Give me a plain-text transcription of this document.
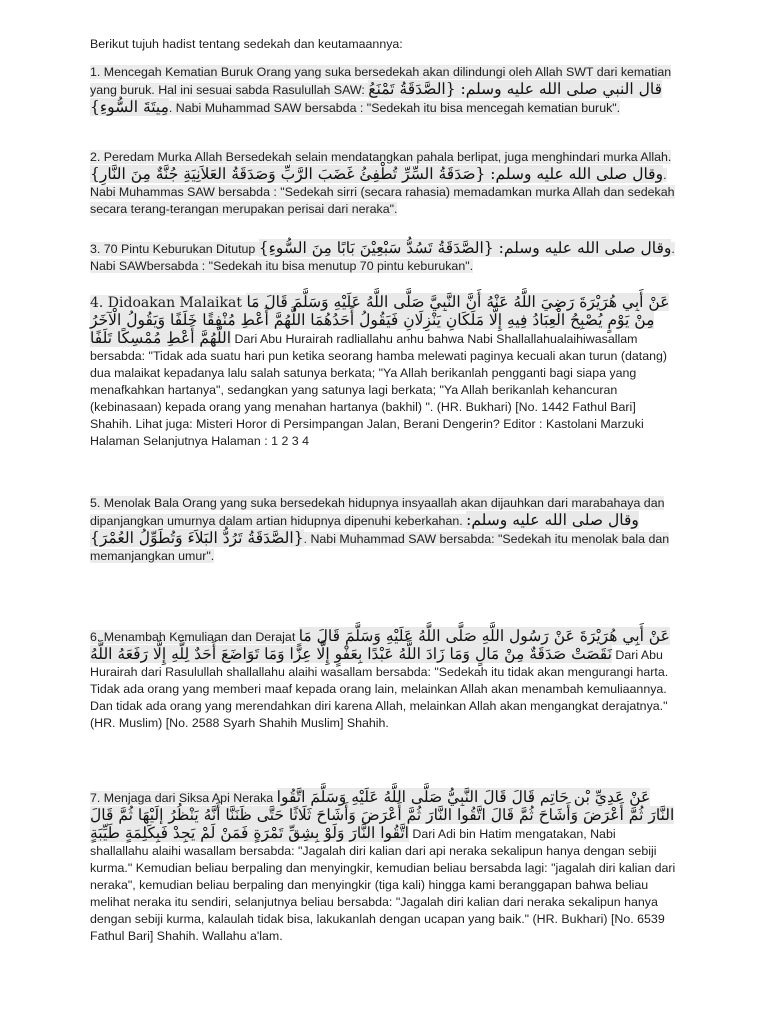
Berikut tujuh hadist tentang sedekah dan keutamaannya:

1. Mencegah Kematian Buruk Orang yang suka bersedekah akan dilindungi oleh Allah SWT dari kematian yang buruk. Hal ini sesuai sabda Rasulullah SAW: قال النبي صلى الله عليه وسلم: {الصَّدَقَةُ تَمْنَعُ مِيتَةَ السُّوءِ}. Nabi Muhammad SAW bersabda : "Sedekah itu bisa mencegah kematian buruk".

2. Peredam Murka Allah Bersedekah selain mendatangkan pahala berlipat, juga menghindari murka Allah. وقال صلى الله عليه وسلم: {صَدَقَةُ السِّرِّ تُطْفِئُ غَضَبَ الرَّبِّ وَصَدَقَةُ العَلاَنِيَةِ جُنَّةٌ مِنَ النَّارِ}. Nabi Muhammas SAW bersabda : "Sedekah sirri (secara rahasia) memadamkan murka Allah dan sedekah secara terang-terangan merupakan perisai dari neraka".

3. 70 Pintu Keburukan Ditutup وقال صلى الله عليه وسلم: {الصَّدَقَةُ تَسُدُّ سَبْعِيْنَ بَابًا مِنَ السُّوءِ}. Nabi SAWbersabda : "Sedekah itu bisa menutup 70 pintu keburukan".

4. Didoakan Malaikat عَنْ أَبِي هُرَيْرَةَ رَضِيَ اللَّهُ عَنْهُ أَنَّ النَّبِيَّ صَلَّى اللَّهُ عَلَيْهِ وَسَلَّمَ قَالَ مَا مِنْ يَوْمٍ يُصْبِحُ الْعِبَادُ فِيهِ إِلَّا مَلَكَانِ يَنْزِلَانِ فَيَقُولُ أَحَدُهُمَا اللَّهُمَّ أَعْطِ مُنْفِقًا خَلَفًا وَيَقُولُ الْآخَرُ اللَّهُمَّ أَعْطِ مُمْسِكًا تَلَفًا Dari Abu Hurairah radliallahu anhu bahwa Nabi Shallallahualaihiwasallam bersabda: "Tidak ada suatu hari pun ketika seorang hamba melewati paginya kecuali akan turun (datang) dua malaikat kepadanya lalu salah satunya berkata; "Ya Allah berikanlah pengganti bagi siapa yang menafkahkan hartanya", sedangkan yang satunya lagi berkata; "Ya Allah berikanlah kehancuran (kebinasaan) kepada orang yang menahan hartanya (bakhil) ". (HR. Bukhari) [No. 1442 Fathul Bari] Shahih. Lihat juga: Misteri Horor di Persimpangan Jalan, Berani Dengerin? Editor : Kastolani Marzuki Halaman Selanjutnya Halaman : 1 2 3 4

5. Menolak Bala Orang yang suka bersedekah hidupnya insyaallah akan dijauhkan dari marabahaya dan dipanjangkan umurnya dalam artian hidupnya dipenuhi keberkahan. وقال صلى الله عليه وسلم: {الصَّدَقَةُ تَرُدُّ البَلاَءَ وَتُطَوِّلُ العُمْرَ}. Nabi Muhammad SAW bersabda: "Sedekah itu menolak bala dan memanjangkan umur".

6. Menambah Kemuliaan dan Derajat عَنْ أَبِي هُرَيْرَةَ عَنْ رَسُولِ اللَّهِ صَلَّى اللَّهُ عَلَيْهِ وَسَلَّمَ قَالَ مَا نَقَصَتْ صَدَقَةٌ مِنْ مَالٍ وَمَا زَادَ اللَّهُ عَبْدًا بِعَفْوٍ إِلَّا عِزًّا وَمَا تَوَاضَعَ أَحَدٌ لِلَّهِ إِلَّا رَفَعَهُ اللَّهُ Dari Abu Hurairah dari Rasulullah shallallahu alaihi wasallam bersabda: "Sedekah itu tidak akan mengurangi harta. Tidak ada orang yang memberi maaf kepada orang lain, melainkan Allah akan menambah kemuliaannya. Dan tidak ada orang yang merendahkan diri karena Allah, melainkan Allah akan mengangkat derajatnya." (HR. Muslim) [No. 2588 Syarh Shahih Muslim] Shahih.

7. Menjaga dari Siksa Api Neraka عَنْ عَدِيِّ بْنِ حَاتِمٍ قَالَ قَالَ النَّبِيُّ صَلَّى اللَّهُ عَلَيْهِ وَسَلَّمَ اتَّقُوا النَّارَ ثُمَّ أَعْرَضَ وَأَشَاحَ ثُمَّ قَالَ اتَّقُوا النَّارَ ثُمَّ أَعْرَضَ وَأَشَاحَ ثَلَاثًا حَتَّى ظَنَنَّا أَنَّهُ يَنْظُرُ إِلَيْهَا ثُمَّ قَالَ اتَّقُوا النَّارَ وَلَوْ بِشِقِّ تَمْرَةٍ فَمَنْ لَمْ يَجِدْ فَبِكَلِمَةٍ طَيِّبَةٍ Dari Adi bin Hatim mengatakan, Nabi shallallahu alaihi wasallam bersabda: "Jagalah diri kalian dari api neraka sekalipun hanya dengan sebiji kurma." Kemudian beliau berpaling dan menyingkir, kemudian beliau bersabda lagi: "jagalah diri kalian dari neraka", kemudian beliau berpaling dan menyingkir (tiga kali) hingga kami beranggapan bahwa beliau melihat neraka itu sendiri, selanjutnya beliau bersabda: "Jagalah diri kalian dari neraka sekalipun hanya dengan sebiji kurma, kalaulah tidak bisa, lakukanlah dengan ucapan yang baik." (HR. Bukhari) [No. 6539 Fathul Bari] Shahih. Wallahu a'lam.
